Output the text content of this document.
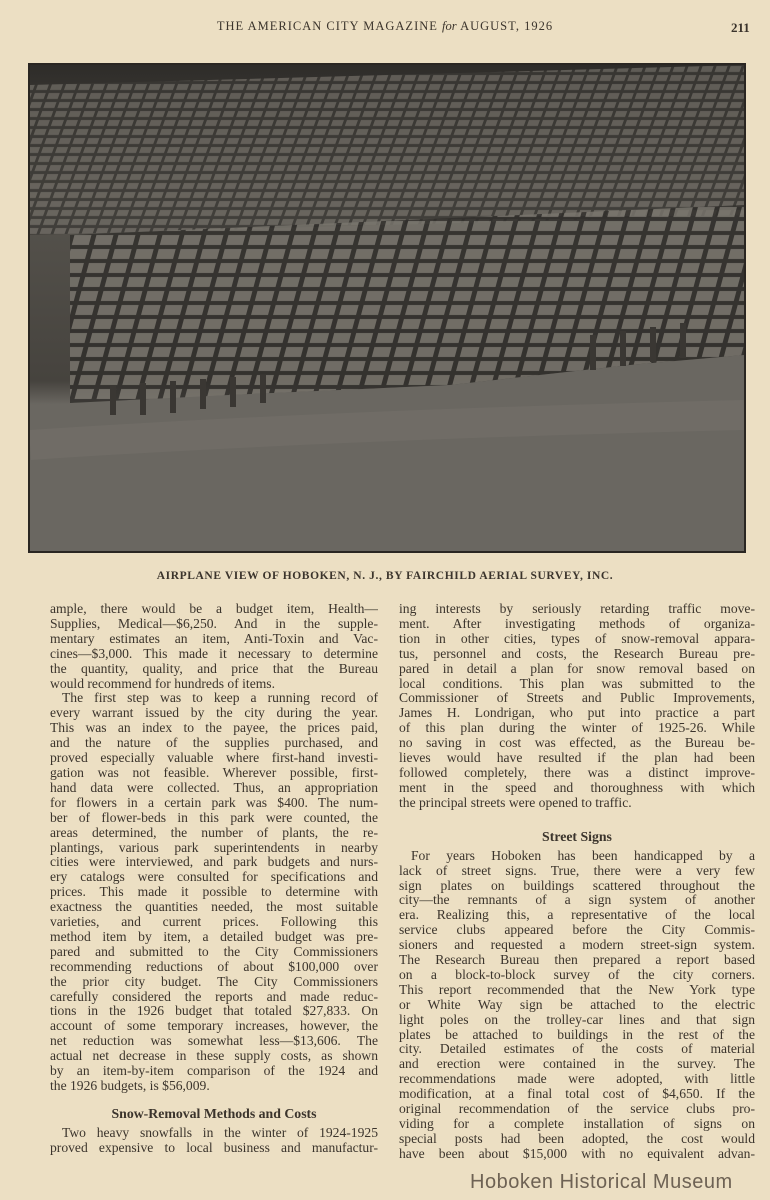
THE AMERICAN CITY MAGAZINE for AUGUST, 1926	211
AIRPLANE VIEW OF HOBOKEN, N. J., BY FAIRCHILD AERIAL SURVEY, INC.
ample, there would be a budget item, Health—
Supplies, Medical—$6,250. And in the supple-
mentary estimates an item, Anti-Toxin and Vac-
cines—$3,000. This made it necessary to determine
the quantity, quality, and price that the Bureau
would recommend for hundreds of items.
The first step was to keep a running record of
every warrant issued by the city during the year.
This was an index to the payee, the prices paid,
and the nature of the supplies purchased, and
proved especially valuable where first-hand investi-
gation was not feasible. Wherever possible, first-
hand data were collected. Thus, an appropriation
for flowers in a certain park was $400. The num-
ber of flower-beds in this park were counted, the
areas determined, the number of plants, the re-
plantings, various park superintendents in nearby
cities were interviewed, and park budgets and nurs-
ery catalogs were consulted for specifications and
prices. This made it possible to determine with
exactness the quantities needed, the most suitable
varieties, and current prices. Following this
method item by item, a detailed budget was pre-
pared and submitted to the City Commissioners
recommending reductions of about $100,000 over
the prior city budget. The City Commissioners
carefully considered the reports and made reduc-
tions in the 1926 budget that totaled $27,833. On
account of some temporary increases, however, the
net reduction was somewhat less—$13,606. The
actual net decrease in these supply costs, as shown
by an item-by-item comparison of the 1924 and
the 1926 budgets, is $56,009.
Snow-Removal Methods and Costs
Two heavy snowfalls in the winter of 1924-1925
proved expensive to local business and manufactur-
ing interests by seriously retarding traffic move-
ment. After investigating methods of organiza-
tion in other cities, types of snow-removal appara-
tus, personnel and costs, the Research Bureau pre-
pared in detail a plan for snow removal based on
local conditions. This plan was submitted to the
Commissioner of Streets and Public Improvements,
James H. Londrigan, who put into practice a part
of this plan during the winter of 1925-26. While
no saving in cost was effected, as the Bureau be-
lieves would have resulted if the plan had been
followed completely, there was a distinct improve-
ment in the speed and thoroughness with which
the principal streets were opened to traffic.
Street Signs
For years Hoboken has been handicapped by a
lack of street signs. True, there were a very few
sign plates on buildings scattered throughout the
city—the remnants of a sign system of another
era. Realizing this, a representative of the local
service clubs appeared before the City Commis-
sioners and requested a modern street-sign system.
The Research Bureau then prepared a report based
on a block-to-block survey of the city corners.
This report recommended that the New York type
or White Way sign be attached to the electric
light poles on the trolley-car lines and that sign
plates be attached to buildings in the rest of the
city. Detailed estimates of the costs of material
and erection were contained in the survey. The
recommendations made were adopted, with little
modification, at a final total cost of $4,650. If the
original recommendation of the service clubs pro-
viding for a complete installation of signs on
special posts had been adopted, the cost would
have been about $15,000 with no equivalent advan-
Hoboken Historical Museum
